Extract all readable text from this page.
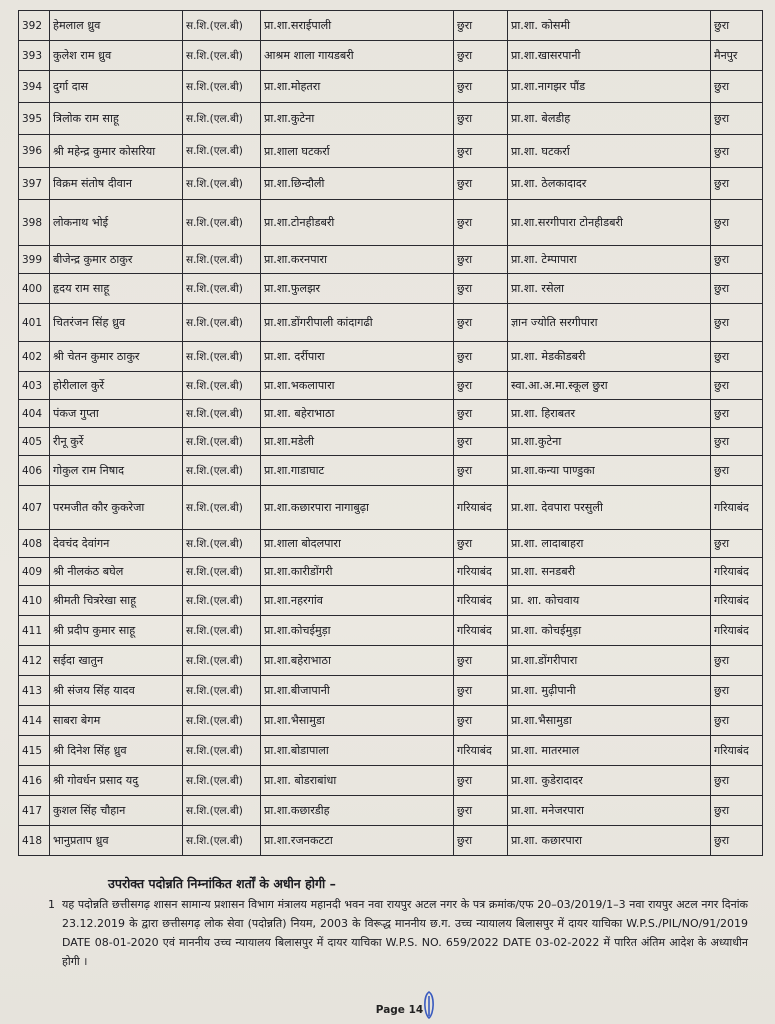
392	हेमलाल ध्रुव	स.शि.(एल.बी)	प्रा.शा.सराईपाली	छुरा	प्रा.शा. कोसमी	छुरा
393	कुलेश राम ध्रुव	स.शि.(एल.बी)	आश्रम शाला गायडबरी	छुरा	प्रा.शा.खासरपानी	मैनपुर
394	दुर्गा दास	स.शि.(एल.बी)	प्रा.शा.मोहतरा	छुरा	प्रा.शा.नागझर पौंड	छुरा
395	त्रिलोक राम साहू	स.शि.(एल.बी)	प्रा.शा.कुटेना	छुरा	प्रा.शा. बेलडीह	छुरा
396	श्री महेन्द्र कुमार कोसरिया	स.शि.(एल.बी)	प्रा.शाला घटकर्रा	छुरा	प्रा.शा. घटकर्रा	छुरा
397	विक्रम संतोष दीवान	स.शि.(एल.बी)	प्रा.शा.छिन्दौली	छुरा	प्रा.शा. ठेलकादादर	छुरा
398	लोकनाथ भोई	स.शि.(एल.बी)	प्रा.शा.टोनहीडबरी	छुरा	प्रा.शा.सरगीपारा टोनहीडबरी	छुरा
399	बीजेन्द्र कुमार ठाकुर	स.शि.(एल.बी)	प्रा.शा.करनपारा	छुरा	प्रा.शा. टेम्पापारा	छुरा
400	हृदय राम साहू	स.शि.(एल.बी)	प्रा.शा.फुलझर	छुरा	प्रा.शा. रसेला	छुरा
401	चितरंजन सिंह ध्रुव	स.शि.(एल.बी)	प्रा.शा.डोंगरीपाली कांदागढी	छुरा	ज्ञान ज्योति सरगीपारा	छुरा
402	श्री चेतन कुमार ठाकुर	स.शि.(एल.बी)	प्रा.शा. दर्रीपारा	छुरा	प्रा.शा. मेडकीडबरी	छुरा
403	होरीलाल कुर्रे	स.शि.(एल.बी)	प्रा.शा.भकलापारा	छुरा	स्वा.आ.अ.मा.स्कूल छुरा	छुरा
404	पंकज गुप्ता	स.शि.(एल.बी)	प्रा.शा. बहेराभाठा	छुरा	प्रा.शा. हिराबतर	छुरा
405	रीनू कुर्रे	स.शि.(एल.बी)	प्रा.शा.मडेली	छुरा	प्रा.शा.कुटेना	छुरा
406	गोकुल राम निषाद	स.शि.(एल.बी)	प्रा.शा.गाडाघाट	छुरा	प्रा.शा.कन्या पाण्डुका	छुरा
407	परमजीत कौर कुकरेजा	स.शि.(एल.बी)	प्रा.शा.कछारपारा नागाबुढ़ा	गरियाबंद	प्रा.शा. देवपारा परसुली	गरियाबंद
408	देवचंद देवांगन	स.शि.(एल.बी)	प्रा.शाला बोदलपारा	छुरा	प्रा.शा. लादाबाहरा	छुरा
409	श्री नीलकंठ बघेल	स.शि.(एल.बी)	प्रा.शा.कारीडोंगरी	गरियाबंद	प्रा.शा. सनडबरी	गरियाबंद
410	श्रीमती चित्ररेखा साहू	स.शि.(एल.बी)	प्रा.शा.नहरगांव	गरियाबंद	प्रा. शा. कोचवाय	गरियाबंद
411	श्री प्रदीप कुमार साहू	स.शि.(एल.बी)	प्रा.शा.कोचईमुड़ा	गरियाबंद	प्रा.शा. कोचईमुड़ा	गरियाबंद
412	सईदा खातुन	स.शि.(एल.बी)	प्रा.शा.बहेराभाठा	छुरा	प्रा.शा.डोंगरीपारा	छुरा
413	श्री संजय सिंह यादव	स.शि.(एल.बी)	प्रा.शा.बीजापानी	छुरा	प्रा.शा. मुढ़ीपानी	छुरा
414	साबरा बेगम	स.शि.(एल.बी)	प्रा.शा.भैसामुडा	छुरा	प्रा.शा.भैसामुडा	छुरा
415	श्री दिनेश सिंह ध्रुव	स.शि.(एल.बी)	प्रा.शा.बोडापाला	गरियाबंद	प्रा.शा. मातरमाल	गरियाबंद
416	श्री गोवर्धन प्रसाद यदु	स.शि.(एल.बी)	प्रा.शा. बोडराबांधा	छुरा	प्रा.शा. कुडेरादादर	छुरा
417	कुशल सिंह चौहान	स.शि.(एल.बी)	प्रा.शा.कछारडीह	छुरा	प्रा.शा. मनेजरपारा	छुरा
418	भानुप्रताप ध्रुव	स.शि.(एल.बी)	प्रा.शा.रजनकटटा	छुरा	प्रा.शा. कछारपारा	छुरा
उपरोक्त पदोन्नति निम्नांकित शर्तों के अधीन होगी –
1 यह पदोन्नति छत्तीसगढ़ शासन सामान्य प्रशासन विभाग मंत्रालय महानदी भवन नवा रायपुर अटल नगर के पत्र क्रमांक/एफ 20–03/2019/1–3 नवा रायपुर अटल नगर दिनांक 23.12.2019 के द्वारा छत्तीसगढ़ लोक सेवा (पदोन्नति) नियम, 2003 के विरूद्ध माननीय छ.ग. उच्च न्यायालय बिलासपुर में दायर याचिका W.P.S./PIL/NO/91/2019 DATE 08-01-2020 एवं माननीय उच्च न्यायालय बिलासपुर में दायर याचिका W.P.S. NO. 659/2022 DATE 03-02-2022 में पारित अंतिम आदेश के अध्याधीन होगी ।
Page 14
